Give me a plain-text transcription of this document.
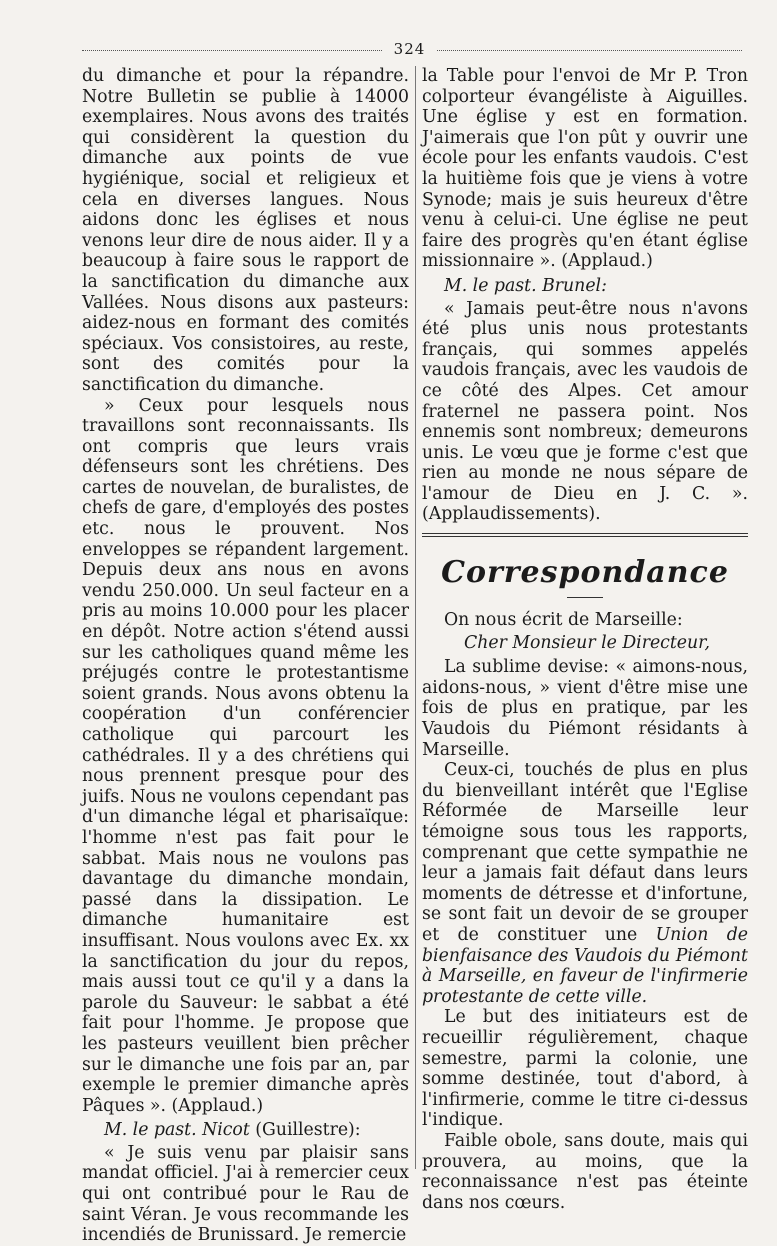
324

du dimanche et pour la répandre. Notre Bulletin se publie à 14000 exemplaires. Nous avons des traités qui considèrent la question du dimanche aux points de vue hygiénique, social et religieux et cela en diverses langues. Nous aidons donc les églises et nous venons leur dire de nous aider. Il y a beaucoup à faire sous le rapport de la sanctification du dimanche aux Vallées. Nous disons aux pasteurs: aidez-nous en formant des comités spéciaux. Vos consistoires, au reste, sont des comités pour la sanctification du dimanche.

» Ceux pour lesquels nous travaillons sont reconnaissants. Ils ont compris que leurs vrais défenseurs sont les chrétiens. Des cartes de nouvelan, de buralistes, de chefs de gare, d'employés des postes etc. nous le prouvent. Nos enveloppes se répandent largement. Depuis deux ans nous en avons vendu 250.000. Un seul facteur en a pris au moins 10.000 pour les placer en dépôt. Notre action s'étend aussi sur les catholiques quand même les préjugés contre le protestantisme soient grands. Nous avons obtenu la coopération d'un conférencier catholique qui parcourt les cathédrales. Il y a des chrétiens qui nous prennent presque pour des juifs. Nous ne voulons cependant pas d'un dimanche légal et pharisaïque: l'homme n'est pas fait pour le sabbat. Mais nous ne voulons pas davantage du dimanche mondain, passé dans la dissipation. Le dimanche humanitaire est insuffisant. Nous voulons avec Ex. xx la sanctification du jour du repos, mais aussi tout ce qu'il y a dans la parole du Sauveur: le sabbat a été fait pour l'homme. Je propose que les pasteurs veuillent bien prêcher sur le dimanche une fois par an, par exemple le premier dimanche après Pâques ». (Applaud.)

M. le past. Nicot (Guillestre):

« Je suis venu par plaisir sans mandat officiel. J'ai à remercier ceux qui ont contribué pour le Rau de saint Véran. Je vous recommande les incendiés de Brunissard. Je remercie

la Table pour l'envoi de Mr P. Tron colporteur évangéliste à Aiguilles. Une église y est en formation. J'aimerais que l'on pût y ouvrir une école pour les enfants vaudois. C'est la huitième fois que je viens à votre Synode; mais je suis heureux d'être venu à celui-ci. Une église ne peut faire des progrès qu'en étant église missionnaire ». (Applaud.)

M. le past. Brunel:

« Jamais peut-être nous n'avons été plus unis nous protestants français, qui sommes appelés vaudois français, avec les vaudois de ce côté des Alpes. Cet amour fraternel ne passera point. Nos ennemis sont nombreux; demeurons unis. Le vœu que je forme c'est que rien au monde ne nous sépare de l'amour de Dieu en J. C. ». (Applaudissements).

Correspondance

On nous écrit de Marseille:

Cher Monsieur le Directeur,

La sublime devise: « aimons-nous, aidons-nous, » vient d'être mise une fois de plus en pratique, par les Vaudois du Piémont résidants à Marseille.

Ceux-ci, touchés de plus en plus du bienveillant intérêt que l'Eglise Réformée de Marseille leur témoigne sous tous les rapports, comprenant que cette sympathie ne leur a jamais fait défaut dans leurs moments de détresse et d'infortune, se sont fait un devoir de se grouper et de constituer une Union de bienfaisance des Vaudois du Piémont à Marseille, en faveur de l'infirmerie protestante de cette ville.

Le but des initiateurs est de recueillir régulièrement, chaque semestre, parmi la colonie, une somme destinée, tout d'abord, à l'infirmerie, comme le titre ci-dessus l'indique.

Faible obole, sans doute, mais qui prouvera, au moins, que la reconnaissance n'est pas éteinte dans nos cœurs.
